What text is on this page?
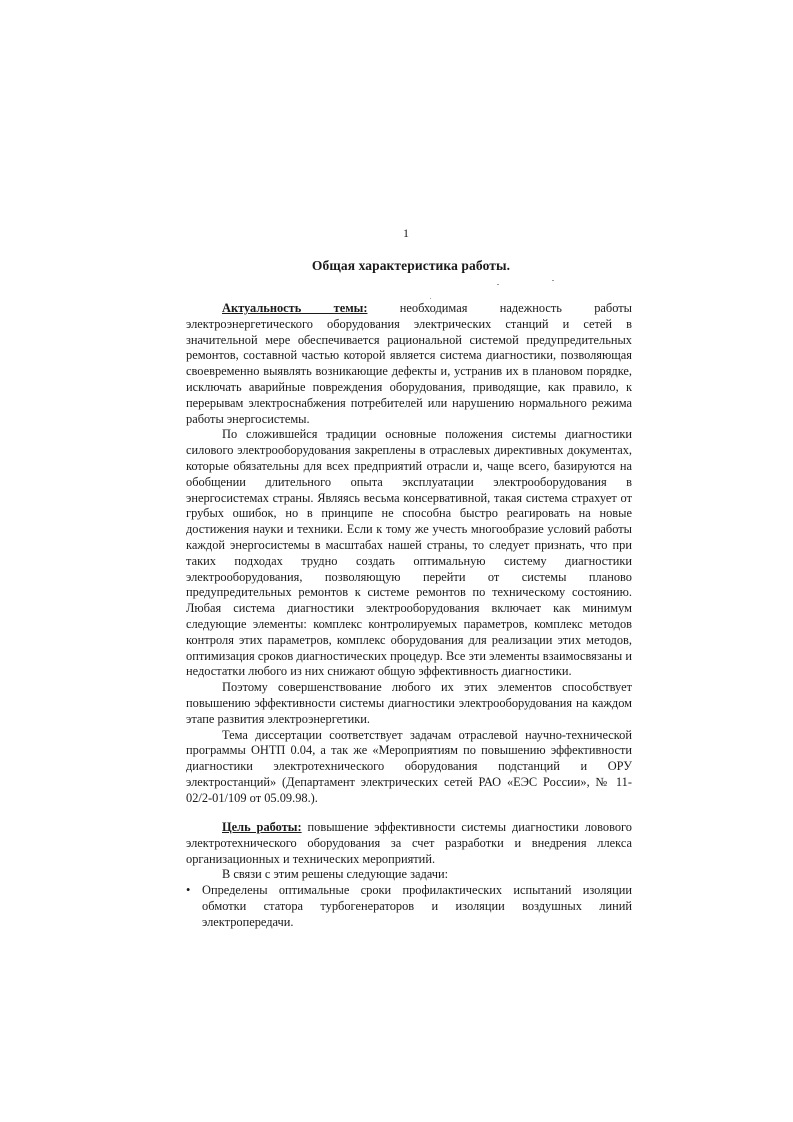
1
Общая характеристика работы.

Актуальность темы:	необходимая надежность работы электроэнергетического оборудования электрических станций и сетей в значительной мере обеспечивается рациональной системой предупредительных ремонтов, составной частью которой является система диагностики, позволяющая своевременно выявлять возникающие дефекты и, устранив их в плановом порядке, исключать аварийные повреждения оборудования, приводящие, как правило, к перерывам электроснабжения потребителей или нарушению нормального режима работы энергосистемы.

По сложившейся традиции основные положения системы диагностики силового электрооборудования закреплены в отраслевых директивных документах, которые обязательны для всех предприятий отрасли и, чаще всего, базируются на обобщении длительного опыта эксплуатации электрооборудования в энергосистемах страны. Являясь весьма консервативной, такая система страхует от грубых ошибок, но в принципе не способна быстро реагировать на новые достижения науки и техники. Если к тому же учесть многообразие условий работы каждой энергосистемы в масштабах нашей страны, то следует признать, что при таких подходах трудно создать оптимальную систему диагностики электрооборудования, позволяющую перейти от системы планово предупредительных ремонтов к системе ремонтов по техническому состоянию. Любая система диагностики электрооборудования включает как минимум следующие элементы: комплекс контролируемых параметров, комплекс методов контроля этих параметров, комплекс оборудования для реализации этих методов, оптимизация сроков диагностических процедур. Все эти элементы взаимосвязаны и недостатки любого из них снижают общую эффективность диагностики.

Поэтому совершенствование любого их этих элементов способствует повышению эффективности системы диагностики электрооборудования на каждом этапе развития электроэнергетики.

Тема диссертации соответствует задачам отраслевой научно-технической программы ОНТП 0.04, а так же «Мероприятиям по повышению эффективности диагностики электротехнического оборудования подстанций и ОРУ электростанций» (Департамент электрических сетей РАО «ЕЭС России», № 11-02/2-01/109 от 05.09.98.).

Цель работы: повышение эффективности системы диагностики ловового электротехнического оборудования за счет разработки и внедрения ллекса организационных и технических мероприятий.

В связи с этим решены следующие задачи:

• Определены оптимальные сроки профилактических испытаний изоляции обмотки статора турбогенераторов и изоляции воздушных линий электропередачи.
